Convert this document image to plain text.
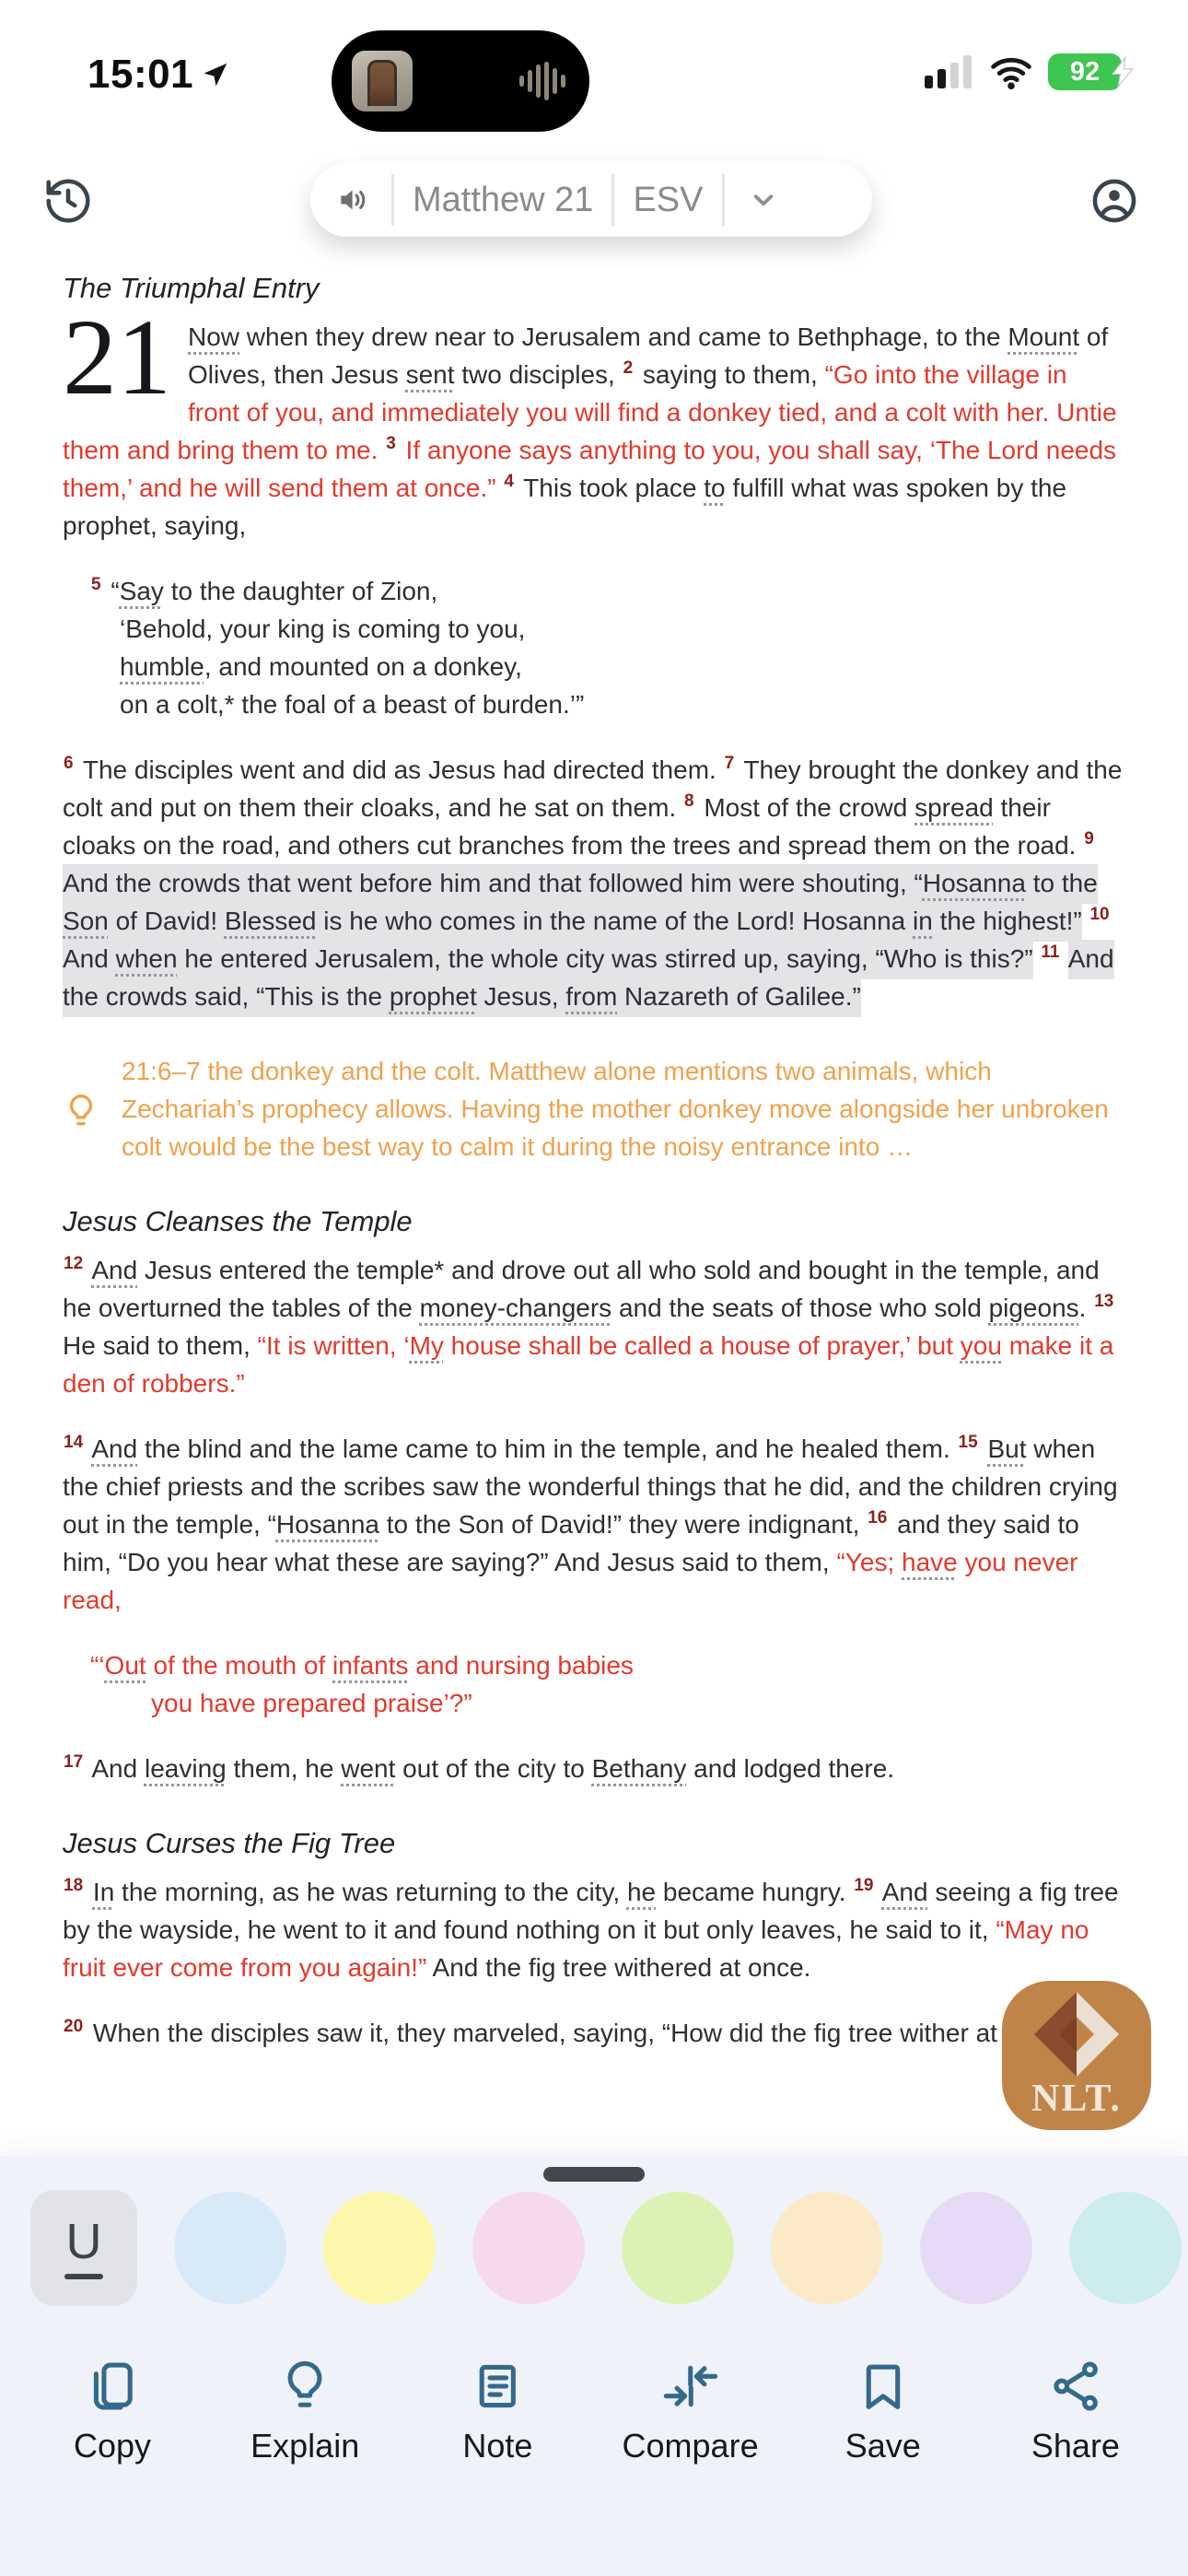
15:01	92
Matthew 21 ESV
The Triumphal Entry

21 Now when they drew near to Jerusalem and came to Bethphage, to the Mount of Olives, then Jesus sent two disciples, $^2$ saying to them, “Go into the village in front of you, and immediately you will find a donkey tied, and a colt with her. Untie them and bring them to me. $^3$ If anyone says anything to you, you shall say, ‘The Lord needs them,’ and he will send them at once.” $^4$ This took place to fulfill what was spoken by the prophet, saying,

$^5$ “Say to the daughter of Zion,
‘Behold, your king is coming to you,
humble, and mounted on a donkey,
on a colt,* the foal of a beast of burden.’”

$^6$ The disciples went and did as Jesus had directed them. $^7$ They brought the donkey and the colt and put on them their cloaks, and he sat on them. $^8$ Most of the crowd spread their cloaks on the road, and others cut branches from the trees and spread them on the road. $^9$ And the crowds that went before him and that followed him were shouting, “Hosanna to the Son of David! Blessed is he who comes in the name of the Lord! Hosanna in the highest!” $^{10}$ And when he entered Jerusalem, the whole city was stirred up, saying, “Who is this?” $^{11}$ And the crowds said, “This is the prophet Jesus, from Nazareth of Galilee.”

21:6–7 the donkey and the colt. Matthew alone mentions two animals, which Zechariah’s prophecy allows. Having the mother donkey move alongside her unbroken colt would be the best way to calm it during the noisy entrance into …
Jesus Cleanses the Temple

$^{12}$ And Jesus entered the temple* and drove out all who sold and bought in the temple, and he overturned the tables of the money-changers and the seats of those who sold pigeons. $^{13}$ He said to them, “It is written, ‘My house shall be called a house of prayer,’ but you make it a den of robbers.”

$^{14}$ And the blind and the lame came to him in the temple, and he healed them. $^{15}$ But when the chief priests and the scribes saw the wonderful things that he did, and the children crying out in the temple, “Hosanna to the Son of David!” they were indignant, $^{16}$ and they said to him, “Do you hear what these are saying?” And Jesus said to them, “Yes; have you never read,

“‘Out of the mouth of infants and nursing babies
you have prepared praise’?”

$^{17}$ And leaving them, he went out of the city to Bethany and lodged there.

Jesus Curses the Fig Tree

$^{18}$ In the morning, as he was returning to the city, he became hungry. $^{19}$ And seeing a fig tree by the wayside, he went to it and found nothing on it but only leaves, he said to it, “May no fruit ever come from you again!” And the fig tree withered at once.

$^{20}$ When the disciples saw it, they marveled, saying, “How did the fig tree wither at

NLT.
U
Copy	Explain	Note	Compare	Save	Share
